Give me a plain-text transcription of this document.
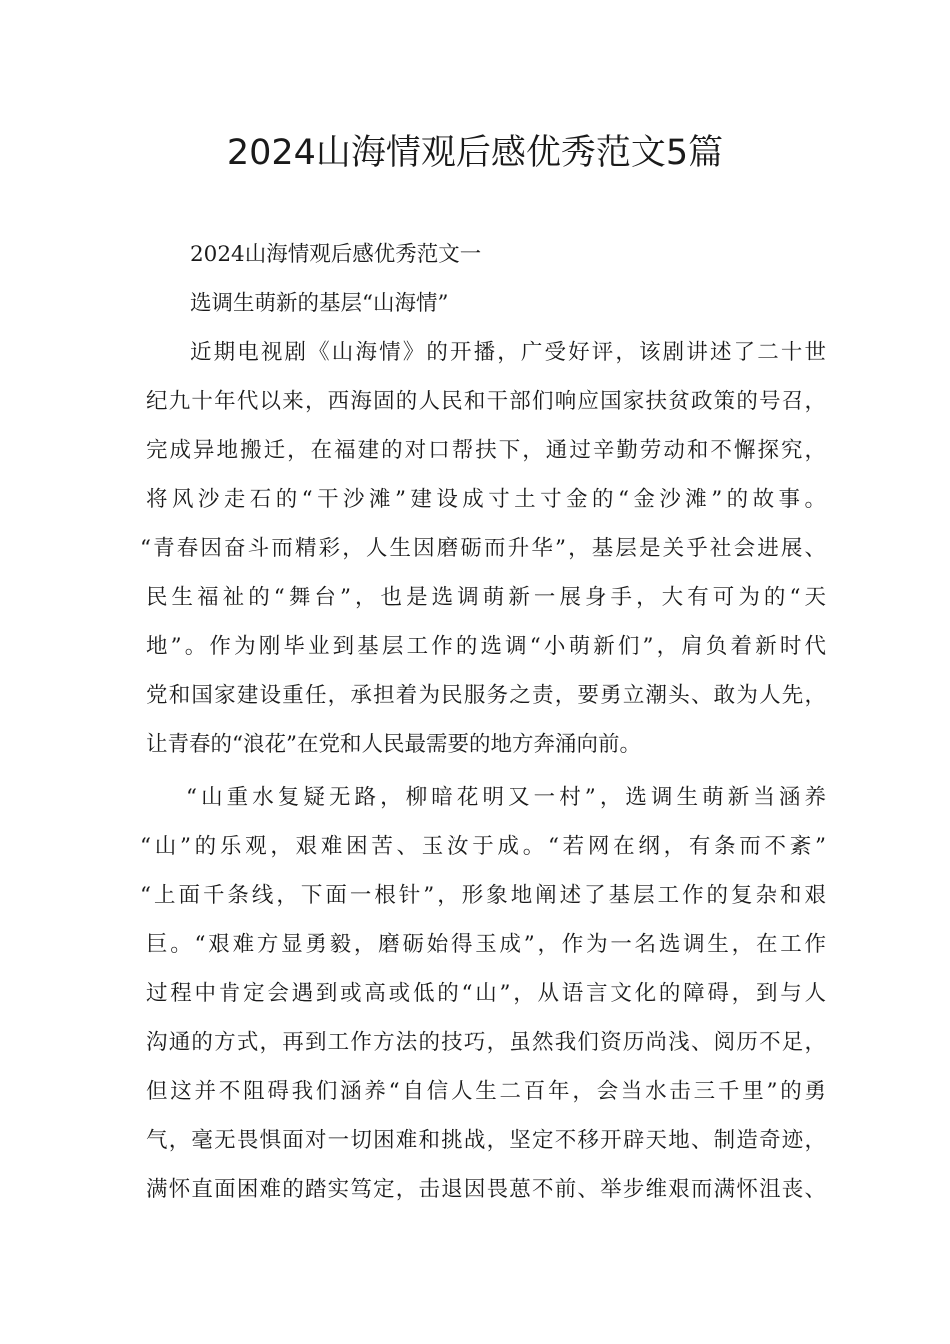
2024山海情观后感优秀范文5篇
2024山海情观后感优秀范文一
选调生萌新的基层“山海情”
近期电视剧《山海情》的开播，广受好评，该剧讲述了二十世
纪九十年代以来，西海固的人民和干部们响应国家扶贫政策的号召，
完成异地搬迁，在福建的对口帮扶下，通过辛勤劳动和不懈探究，
将风沙走石的“干沙滩”建设成寸土寸金的“金沙滩”的故事。
“青春因奋斗而精彩，人生因磨砺而升华”，基层是关乎社会进展、
民生福祉的“舞台”，也是选调萌新一展身手，大有可为的“天
地”。作为刚毕业到基层工作的选调“小萌新们”，肩负着新时代
党和国家建设重任，承担着为民服务之责，要勇立潮头、敢为人先，
让青春的“浪花”在党和人民最需要的地方奔涌向前。
“山重水复疑无路，柳暗花明又一村”，选调生萌新当涵养
“山”的乐观，艰难困苦、玉汝于成。“若网在纲，有条而不紊”
“上面千条线，下面一根针”，形象地阐述了基层工作的复杂和艰
巨。“艰难方显勇毅，磨砺始得玉成”，作为一名选调生，在工作
过程中肯定会遇到或高或低的“山”，从语言文化的障碍，到与人
沟通的方式，再到工作方法的技巧，虽然我们资历尚浅、阅历不足，
但这并不阻碍我们涵养“自信人生二百年，会当水击三千里”的勇
气，毫无畏惧面对一切困难和挑战，坚定不移开辟天地、制造奇迹，
满怀直面困难的踏实笃定，击退因畏葸不前、举步维艰而满怀沮丧、
